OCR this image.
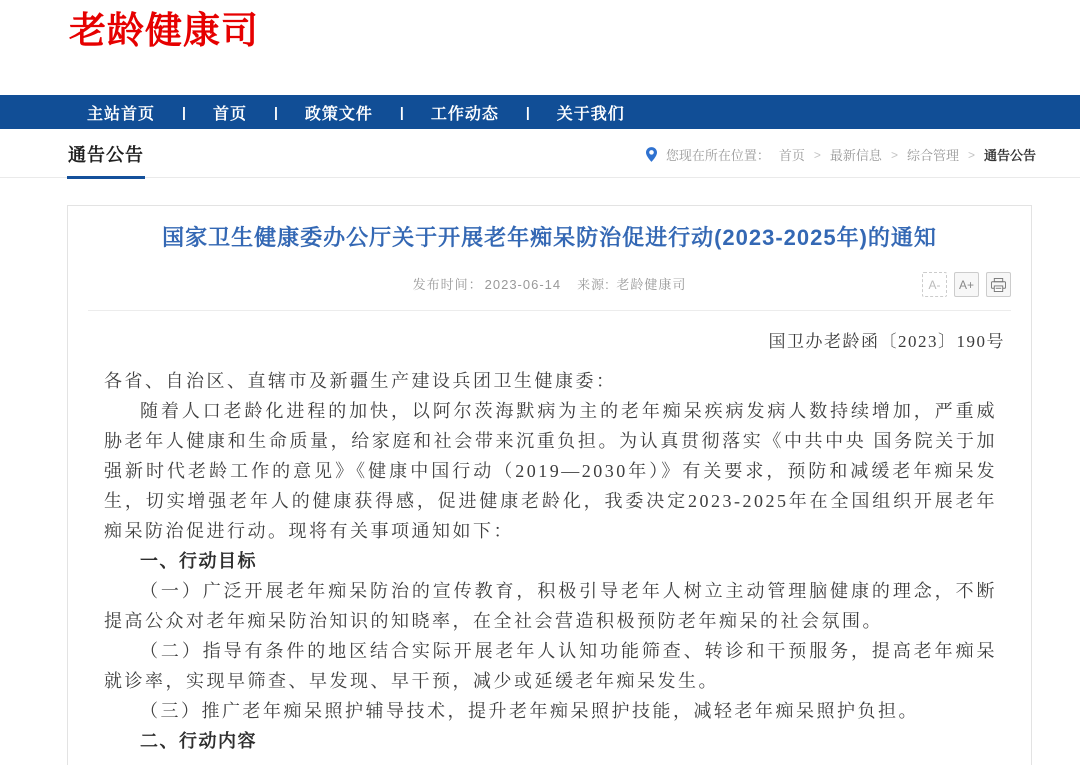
老龄健康司
主站首页	|	首页	|	政策文件	|	工作动态	|	关于我们
通告公告	您现在所在位置： 首页 > 最新信息 > 综合管理 > 通告公告
国家卫生健康委办公厅关于开展老年痴呆防治促进行动(2023-2025年)的通知
发布时间： 2023-06-14 来源: 老龄健康司	A-	A+
国卫办老龄函〔2023〕190号

各省、自治区、直辖市及新疆生产建设兵团卫生健康委：

随着人口老龄化进程的加快，以阿尔茨海默病为主的老年痴呆疾病发病人数持续增加，严重威胁老年人健康和生命质量，给家庭和社会带来沉重负担。为认真贯彻落实《中共中央 国务院关于加强新时代老龄工作的意见》《健康中国行动（2019—2030年）》有关要求，预防和减缓老年痴呆发生，切实增强老年人的健康获得感，促进健康老龄化，我委决定2023-2025年在全国组织开展老年痴呆防治促进行动。现将有关事项通知如下：

一、行动目标

（一）广泛开展老年痴呆防治的宣传教育，积极引导老年人树立主动管理脑健康的理念，不断提高公众对老年痴呆防治知识的知晓率，在全社会营造积极预防老年痴呆的社会氛围。

（二）指导有条件的地区结合实际开展老年人认知功能筛查、转诊和干预服务，提高老年痴呆就诊率，实现早筛查、早发现、早干预，减少或延缓老年痴呆发生。

（三）推广老年痴呆照护辅导技术，提升老年痴呆照护技能，减轻老年痴呆照护负担。

二、行动内容
